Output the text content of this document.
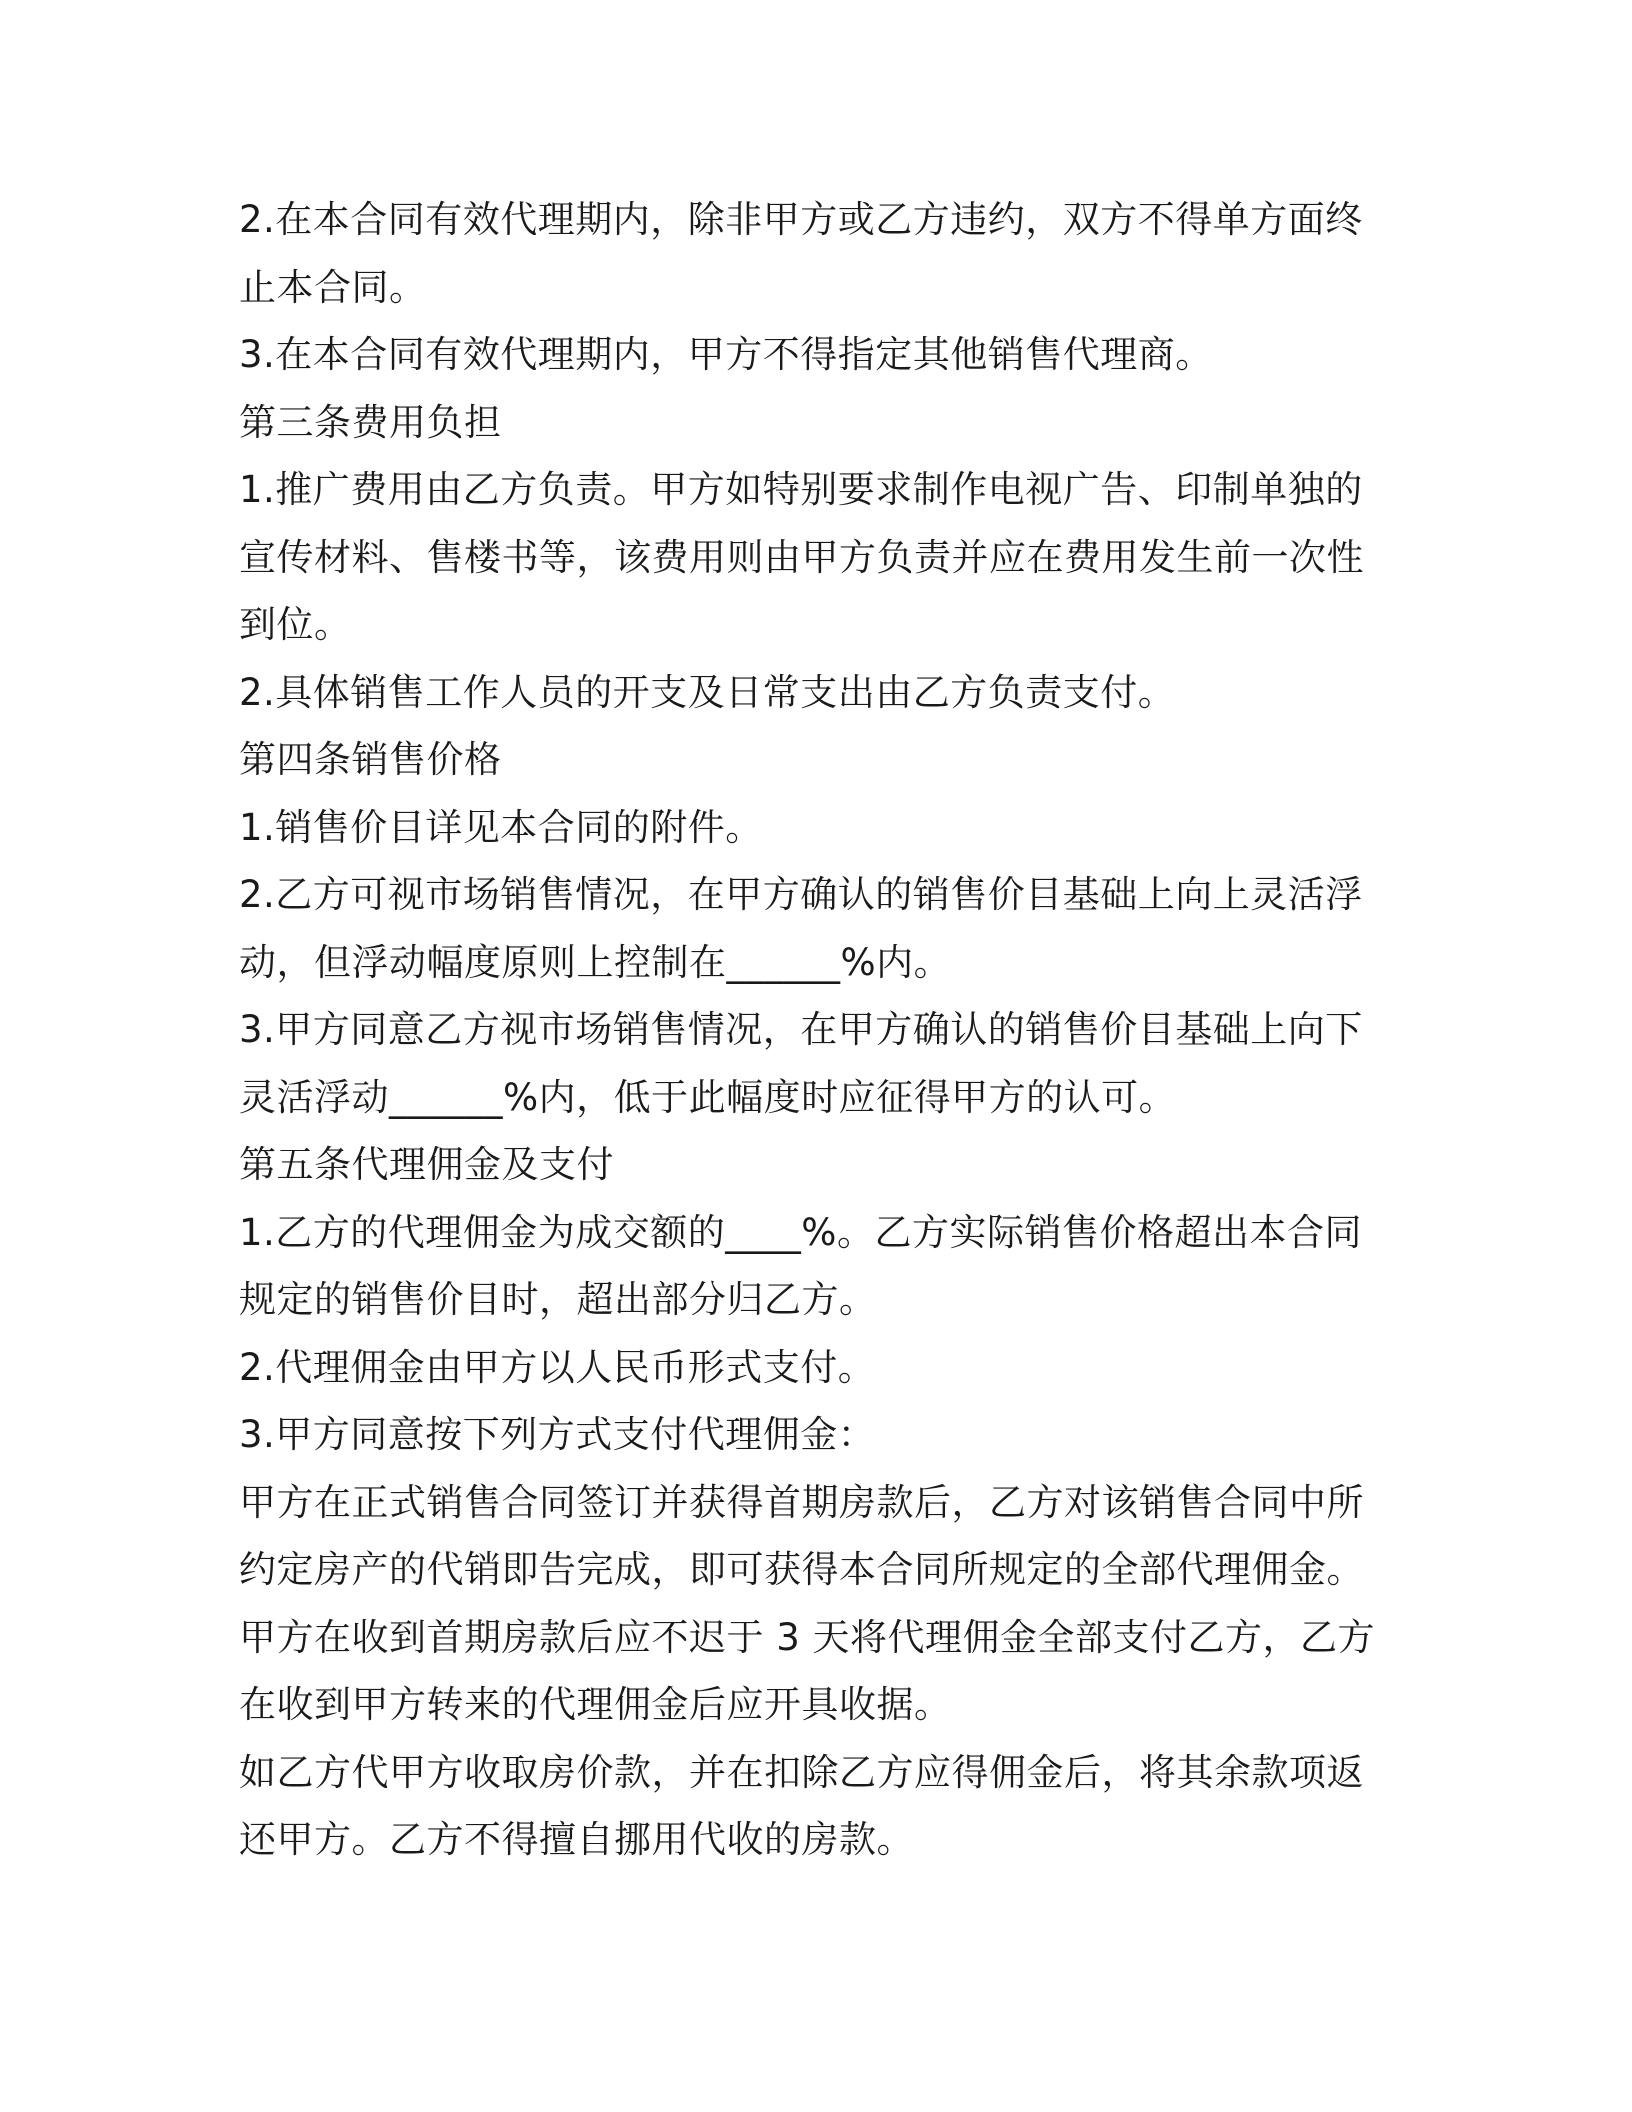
2.在本合同有效代理期内，除非甲方或乙方违约，双方不得单方面终止本合同。

3.在本合同有效代理期内，甲方不得指定其他销售代理商。

第三条费用负担

1.推广费用由乙方负责。甲方如特别要求制作电视广告、印制单独的宣传材料、售楼书等，该费用则由甲方负责并应在费用发生前一次性到位。

2.具体销售工作人员的开支及日常支出由乙方负责支付。

第四条销售价格

1.销售价目详见本合同的附件。

2.乙方可视市场销售情况，在甲方确认的销售价目基础上向上灵活浮动，但浮动幅度原则上控制在______%内。

3.甲方同意乙方视市场销售情况，在甲方确认的销售价目基础上向下灵活浮动______%内，低于此幅度时应征得甲方的认可。

第五条代理佣金及支付

1.乙方的代理佣金为成交额的____%。乙方实际销售价格超出本合同规定的销售价目时，超出部分归乙方。

2.代理佣金由甲方以人民币形式支付。

3.甲方同意按下列方式支付代理佣金：

甲方在正式销售合同签订并获得首期房款后，乙方对该销售合同中所约定房产的代销即告完成，即可获得本合同所规定的全部代理佣金。

甲方在收到首期房款后应不迟于 3 天将代理佣金全部支付乙方，乙方在收到甲方转来的代理佣金后应开具收据。

如乙方代甲方收取房价款，并在扣除乙方应得佣金后，将其余款项返还甲方。乙方不得擅自挪用代收的房款。
